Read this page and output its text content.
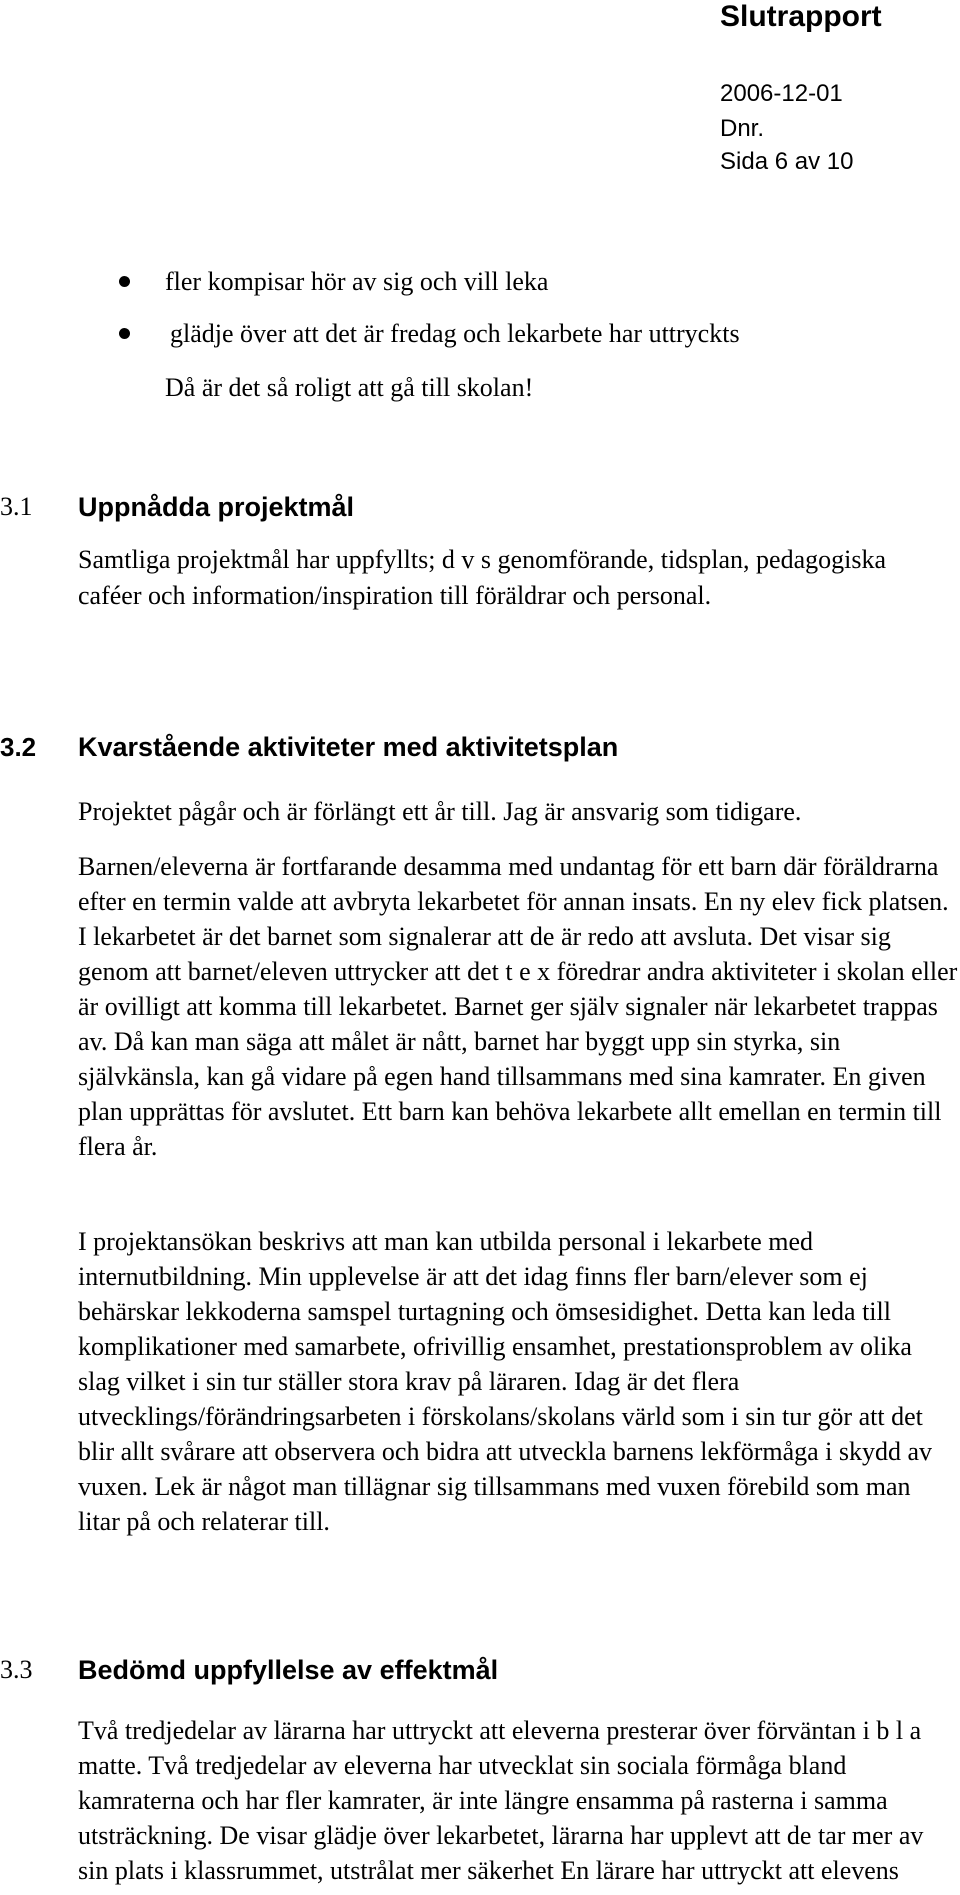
Slutrapport
2006-12-01
Dnr.
Sida 6 av 10
fler kompisar hör av sig och vill leka
glädje över att det är fredag och lekarbete har uttryckts
Då är det så roligt att gå till skolan!
3.1 Uppnådda projektmål

Samtliga projektmål har uppfyllts; d v s genomförande, tidsplan, pedagogiska caféer och information/inspiration till föräldrar och personal.

3.2 Kvarstående aktiviteter med aktivitetsplan

Projektet pågår och är förlängt ett år till. Jag är ansvarig som tidigare.

Barnen/eleverna är fortfarande desamma med undantag för ett barn där föräldrarna efter en termin valde att avbryta lekarbetet för annan insats. En ny elev fick platsen. I lekarbetet är det barnet som signalerar att de är redo att avsluta. Det visar sig genom att barnet/eleven uttrycker att det t e x föredrar andra aktiviteter i skolan eller är ovilligt att komma till lekarbetet. Barnet ger själv signaler när lekarbetet trappas av. Då kan man säga att målet är nått, barnet har byggt upp sin styrka, sin självkänsla, kan gå vidare på egen hand tillsammans med sina kamrater. En given plan upprättas för avslutet. Ett barn kan behöva lekarbete allt emellan en termin till flera år.

I projektansökan beskrivs att man kan utbilda personal i lekarbete med internutbildning. Min upplevelse är att det idag finns fler barn/elever som ej behärskar lekkoderna samspel turtagning och ömsesidighet. Detta kan leda till komplikationer med samarbete, ofrivillig ensamhet, prestationsproblem av olika slag vilket i sin tur ställer stora krav på läraren. Idag är det flera utvecklings/förändringsarbeten i förskolans/skolans värld som i sin tur gör att det blir allt svårare att observera och bidra att utveckla barnens lekförmåga i skydd av vuxen. Lek är något man tillägnar sig tillsammans med vuxen förebild som man litar på och relaterar till.

3.3 Bedömd uppfyllelse av effektmål

Två tredjedelar av lärarna har uttryckt att eleverna presterar över förväntan i b l a matte. Två tredjedelar av eleverna har utvecklat sin sociala förmåga bland kamraterna och har fler kamrater, är inte längre ensamma på rasterna i samma utsträckning. De visar glädje över lekarbetet, lärarna har upplevt att de tar mer av sin plats i klassrummet, utstrålat mer säkerhet En lärare har uttryckt att elevens
